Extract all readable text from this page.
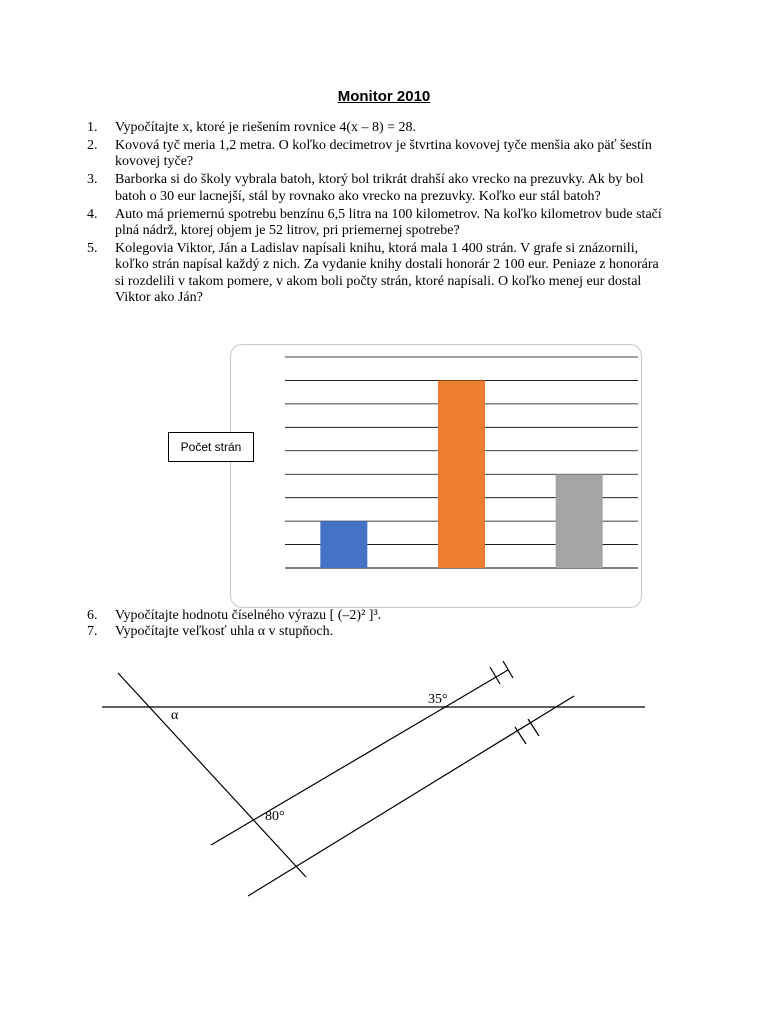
Monitor 2010
1. Vypočítajte x, ktoré je riešením rovnice 4(x – 8) = 28.
2. Kovová tyč meria 1,2 metra. O koľko decimetrov je štvrtina kovovej tyče menšia ako päť šestín kovovej tyče?
3. Barborka si do školy vybrala batoh, ktorý bol trikrát drahší ako vrecko na prezuvky. Ak by bol batoh o 30 eur lacnejší, stál by rovnako ako vrecko na prezuvky. Koľko eur stál batoh?
4. Auto má priemernú spotrebu benzínu 6,5 litra na 100 kilometrov. Na koľko kilometrov bude stačí plná nádrž, ktorej objem je 52 litrov, pri priemernej spotrebe?
5. Kolegovia Viktor, Ján a Ladislav napísali knihu, ktorá mala 1 400 strán. V grafe si znázornili, koľko strán napísal každý z nich. Za vydanie knihy dostali honorár 2 100 eur. Peniaze z honorára si rozdelili v takom pomere, v akom boli počty strán, ktoré napísali. O koľko menej eur dostal Viktor ako Ján?
Počet strán
6. Vypočítajte hodnotu číselného výrazu [ (–2)² ]³.
7. Vypočítajte veľkosť uhla α v stupňoch.
α
35°
80°
